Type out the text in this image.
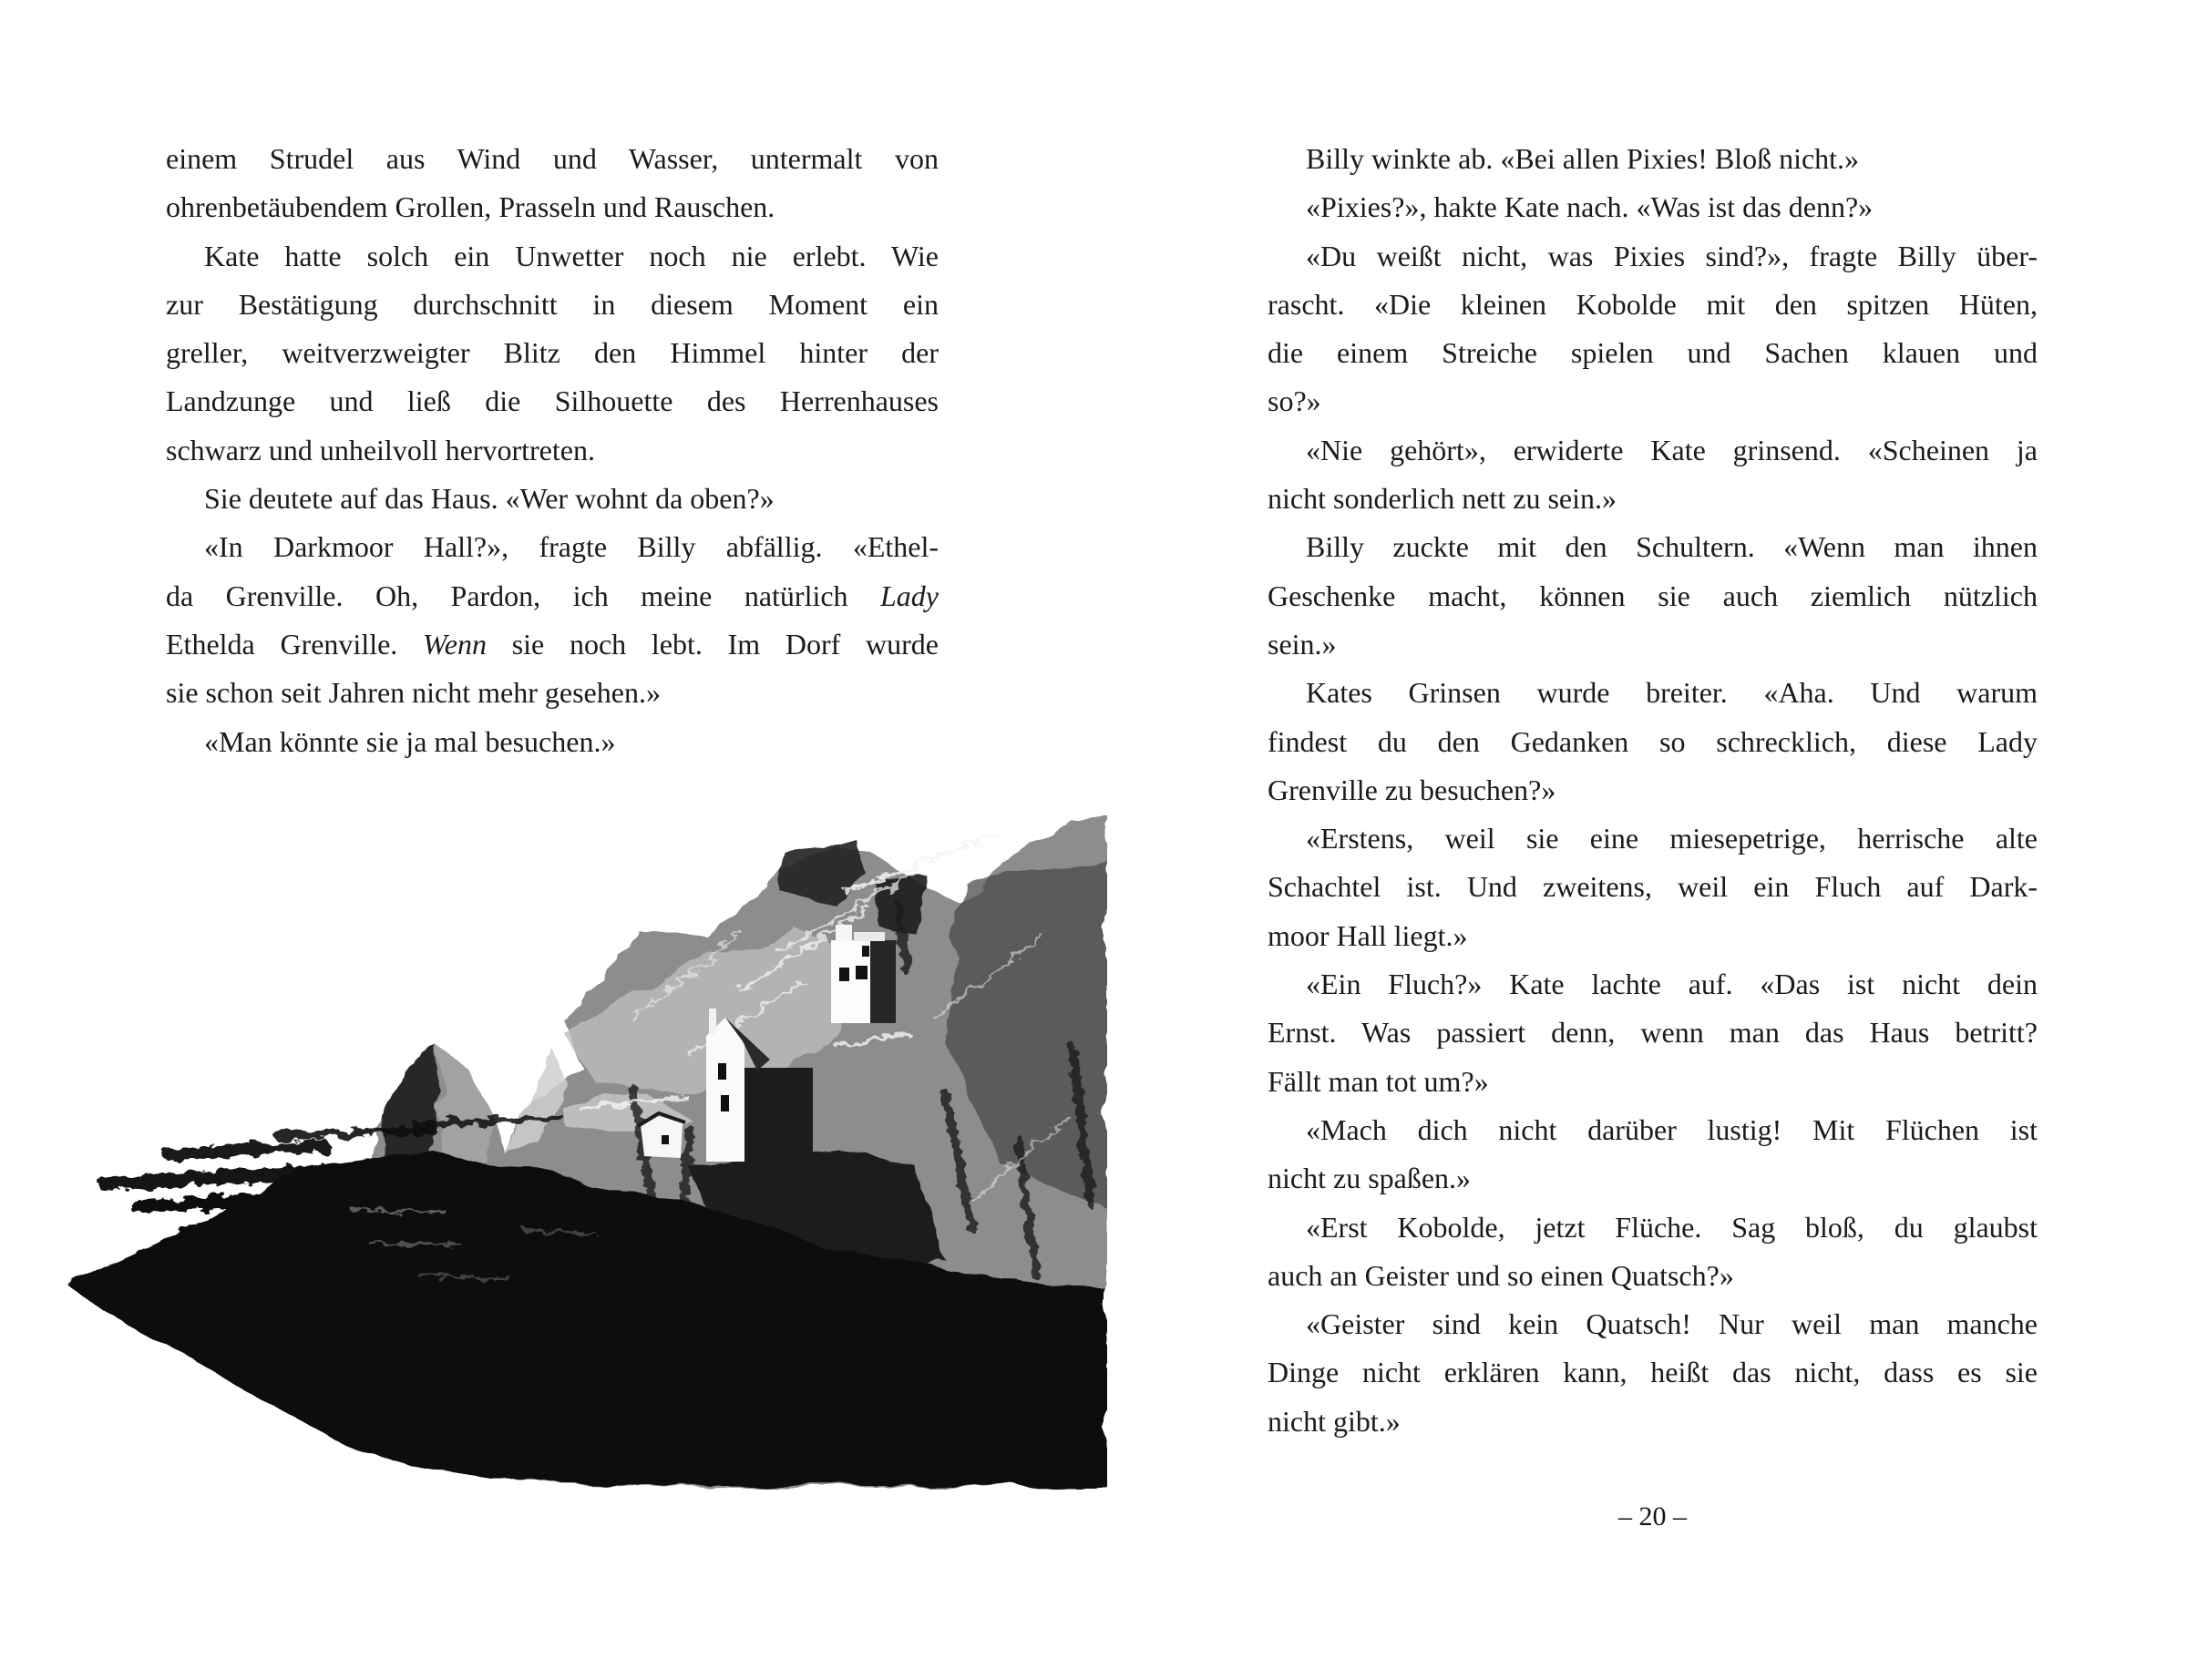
einem Strudel aus Wind und Wasser, untermalt von
ohrenbetäubendem Grollen, Prasseln und Rauschen.
Kate hatte solch ein Unwetter noch nie erlebt. Wie
zur Bestätigung durchschnitt in diesem Moment ein
greller, weitverzweigter Blitz den Himmel hinter der
Landzunge und ließ die Silhouette des Herrenhauses
schwarz und unheilvoll hervortreten.
Sie deutete auf das Haus. «Wer wohnt da oben?»
«In Darkmoor Hall?», fragte Billy abfällig. «Ethel-
da Grenville. Oh, Pardon, ich meine natürlich Lady
Ethelda Grenville. Wenn sie noch lebt. Im Dorf wurde
sie schon seit Jahren nicht mehr gesehen.»
«Man könnte sie ja mal besuchen.»
Billy winkte ab. «Bei allen Pixies! Bloß nicht.»
«Pixies?», hakte Kate nach. «Was ist das denn?»
«Du weißt nicht, was Pixies sind?», fragte Billy über-
rascht. «Die kleinen Kobolde mit den spitzen Hüten,
die einem Streiche spielen und Sachen klauen und
so?»
«Nie gehört», erwiderte Kate grinsend. «Scheinen ja
nicht sonderlich nett zu sein.»
Billy zuckte mit den Schultern. «Wenn man ihnen
Geschenke macht, können sie auch ziemlich nützlich
sein.»
Kates Grinsen wurde breiter. «Aha. Und warum
findest du den Gedanken so schrecklich, diese Lady
Grenville zu besuchen?»
«Erstens, weil sie eine miesepetrige, herrische alte
Schachtel ist. Und zweitens, weil ein Fluch auf Dark-
moor Hall liegt.»
«Ein Fluch?» Kate lachte auf. «Das ist nicht dein
Ernst. Was passiert denn, wenn man das Haus betritt?
Fällt man tot um?»
«Mach dich nicht darüber lustig! Mit Flüchen ist
nicht zu spaßen.»
«Erst Kobolde, jetzt Flüche. Sag bloß, du glaubst
auch an Geister und so einen Quatsch?»
«Geister sind kein Quatsch! Nur weil man manche
Dinge nicht erklären kann, heißt das nicht, dass es sie
nicht gibt.»
– 20 –
